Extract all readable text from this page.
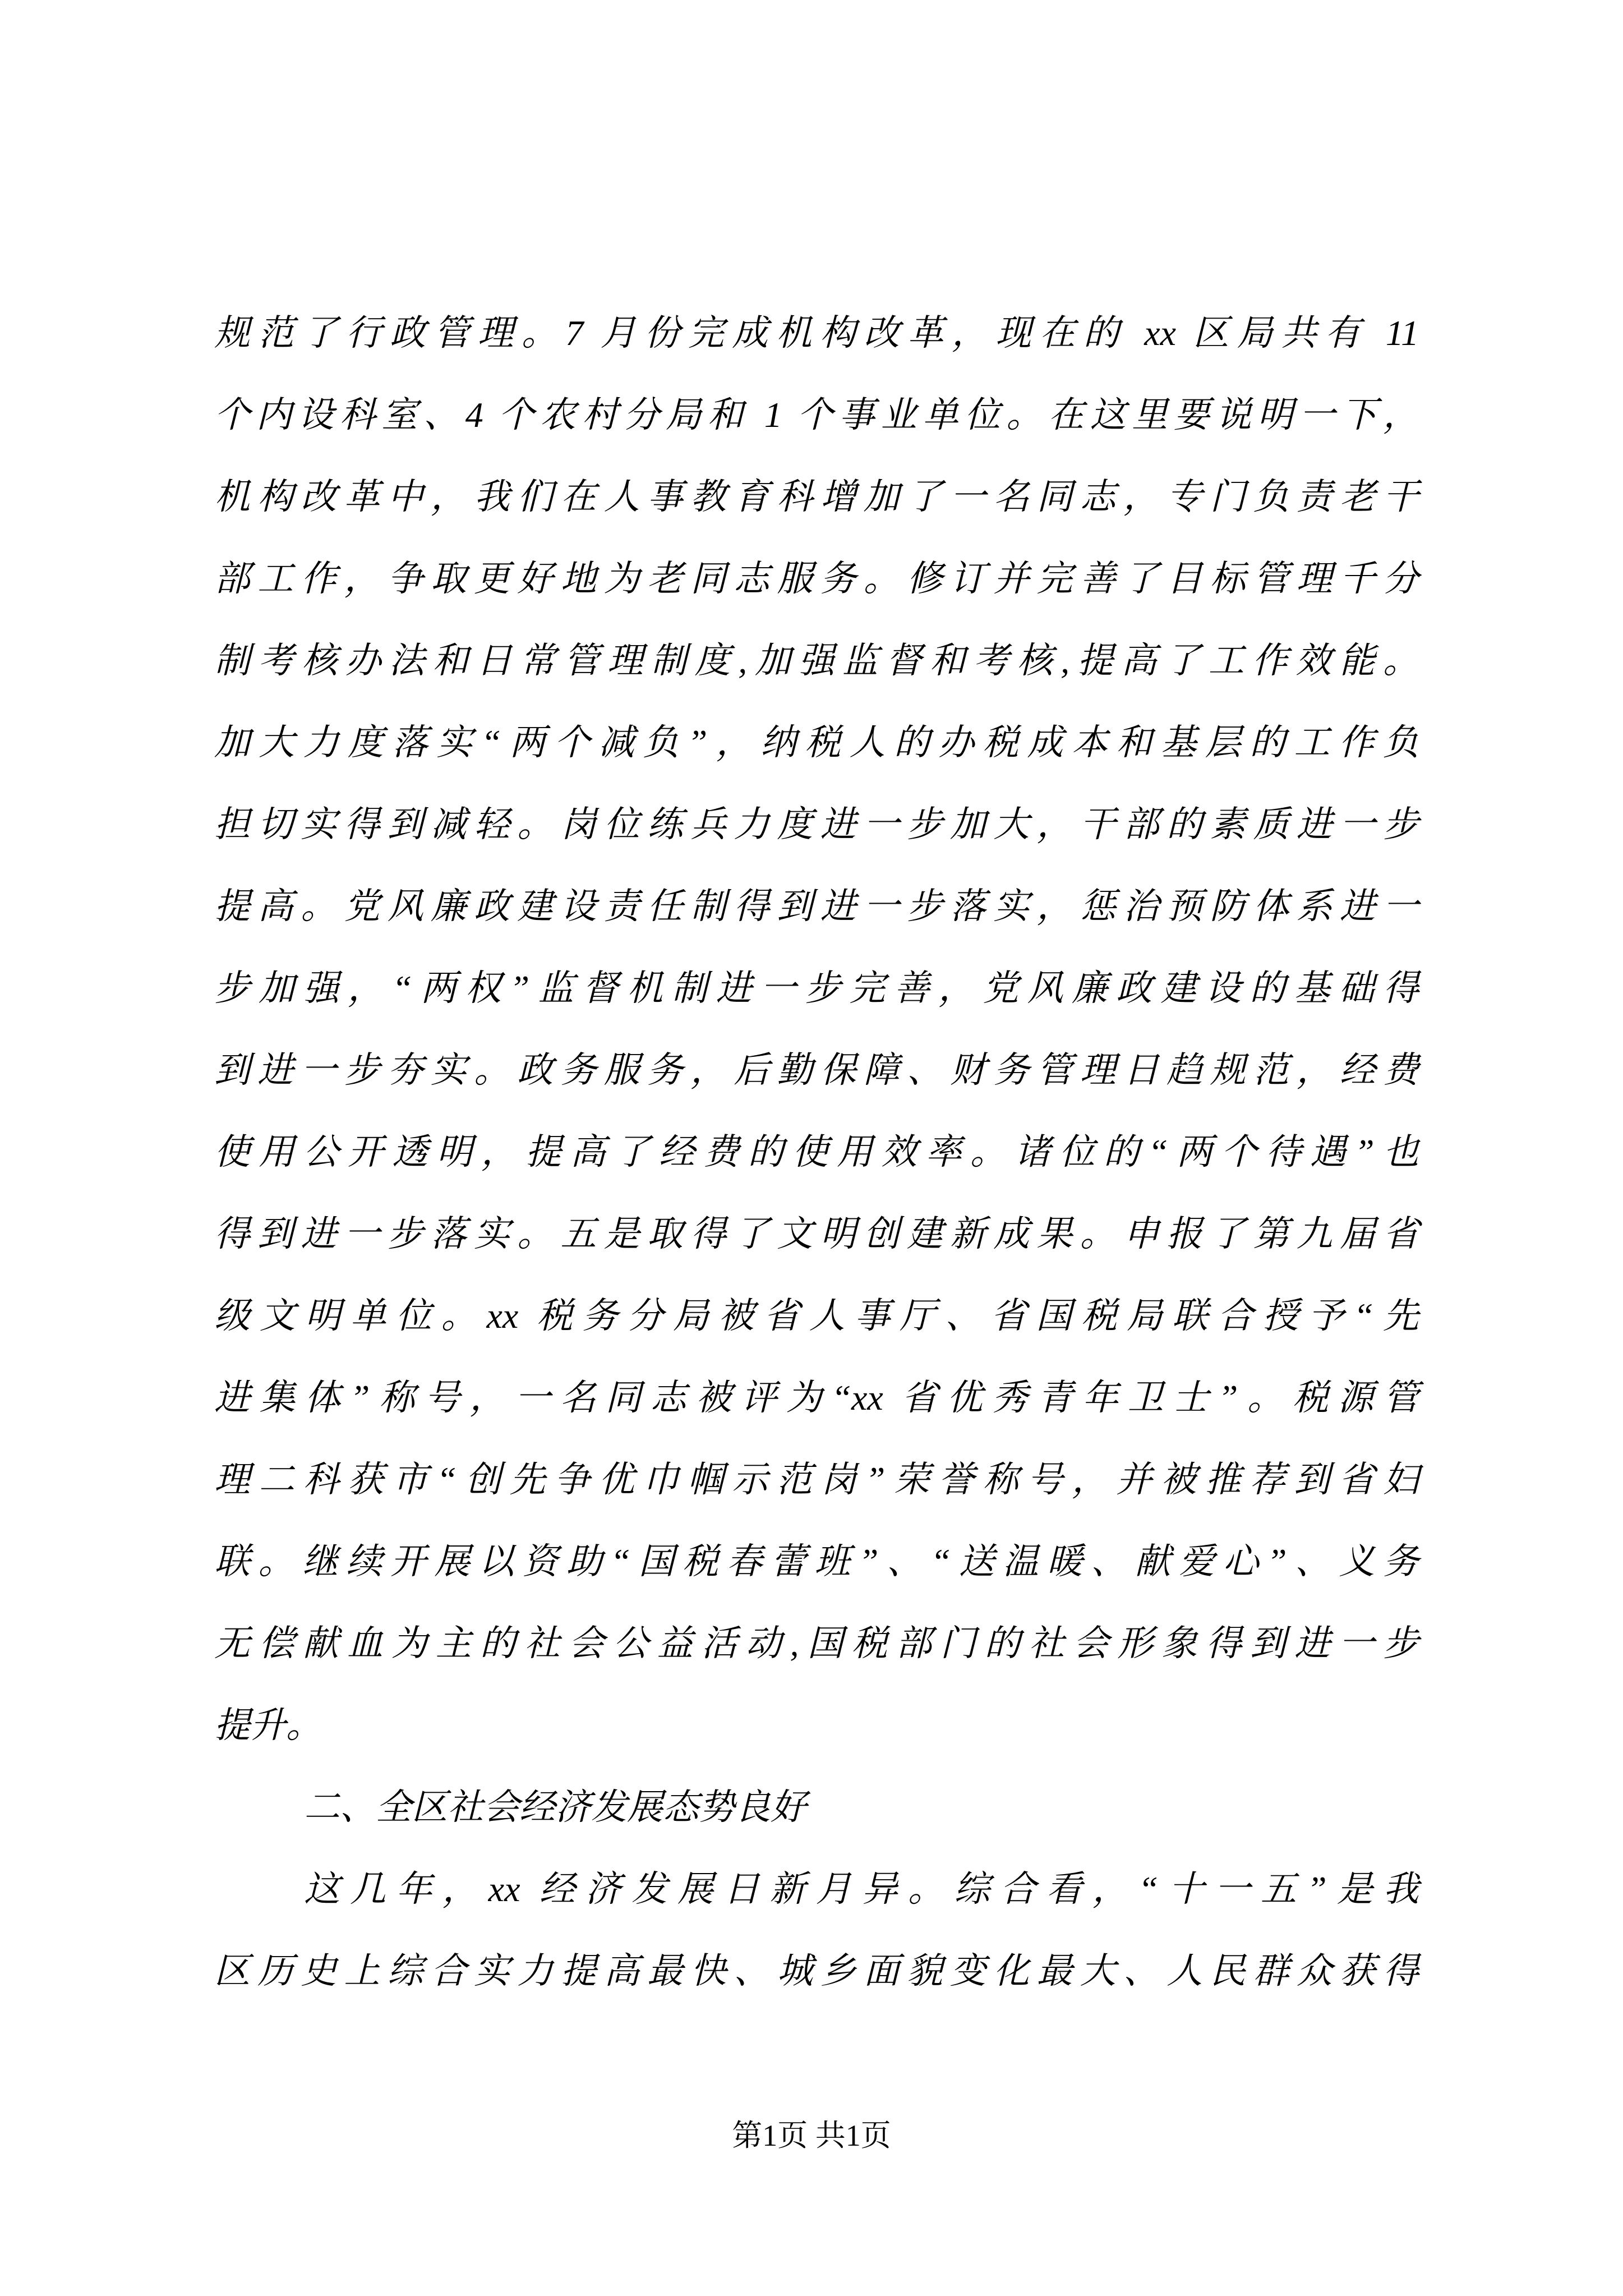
规范了行政管理。7 月份完成机构改革，现在的 xx 区局共有 11
个内设科室、4 个农村分局和 1 个事业单位。在这里要说明一下，
机构改革中，我们在人事教育科增加了一名同志，专门负责老干
部工作，争取更好地为老同志服务。修订并完善了目标管理千分
制考核办法和日常管理制度,加强监督和考核,提高了工作效能。
加大力度落实“两个减负”，纳税人的办税成本和基层的工作负
担切实得到减轻。岗位练兵力度进一步加大，干部的素质进一步
提高。党风廉政建设责任制得到进一步落实，惩治预防体系进一
步加强，“两权”监督机制进一步完善，党风廉政建设的基础得
到进一步夯实。政务服务，后勤保障、财务管理日趋规范，经费
使用公开透明，提高了经费的使用效率。诸位的“两个待遇”也
得到进一步落实。五是取得了文明创建新成果。申报了第九届省
级文明单位。xx 税务分局被省人事厅、省国税局联合授予“先
进集体”称号，一名同志被评为“xx 省优秀青年卫士”。税源管
理二科获市“创先争优巾帼示范岗”荣誉称号，并被推荐到省妇
联。继续开展以资助“国税春蕾班”、“送温暖、献爱心”、义务
无偿献血为主的社会公益活动,国税部门的社会形象得到进一步
提升。
二、全区社会经济发展态势良好
这几年，xx 经济发展日新月异。综合看，“十一五”是我
区历史上综合实力提高最快、城乡面貌变化最大、人民群众获得
第1页 共1页
